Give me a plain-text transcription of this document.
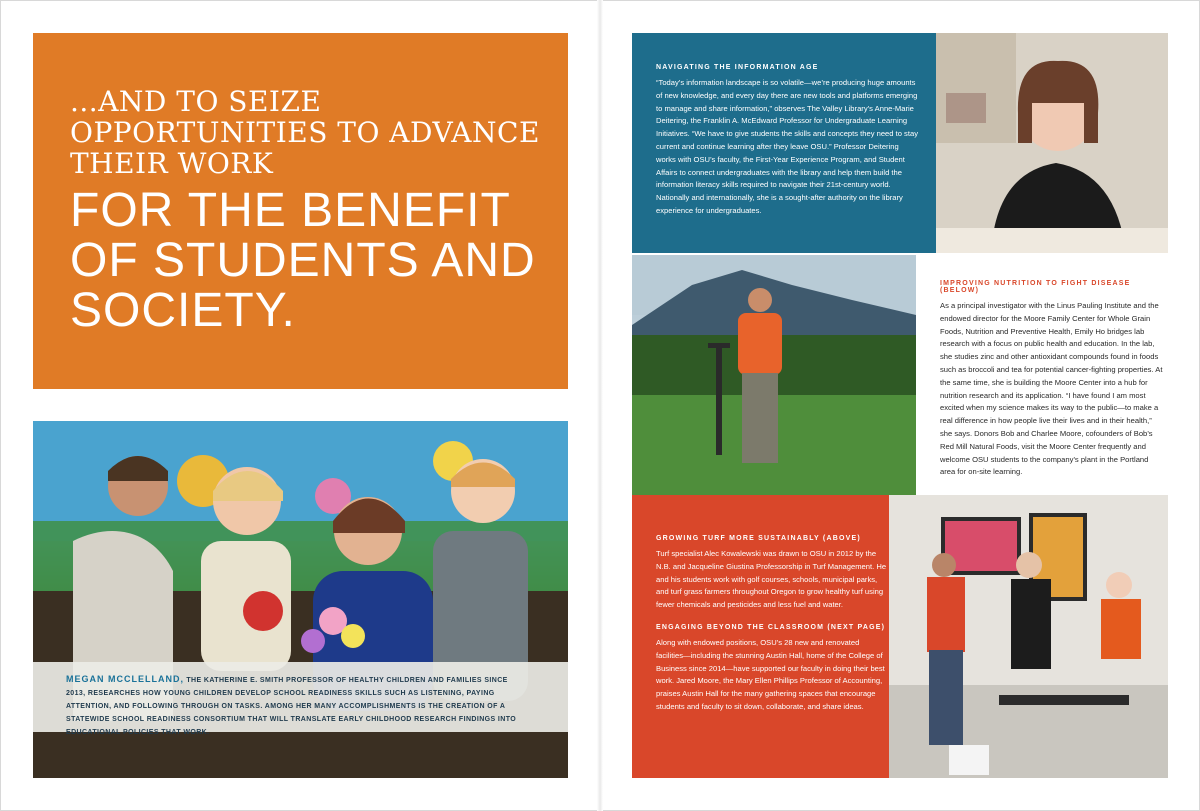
...AND TO SEIZE OPPORTUNITIES TO ADVANCE THEIR WORK
FOR THE BENEFIT OF STUDENTS AND SOCIETY.

MEGAN MCCLELLAND, THE KATHERINE E. SMITH PROFESSOR OF HEALTHY CHILDREN AND FAMILIES SINCE 2013, RESEARCHES HOW YOUNG CHILDREN DEVELOP SCHOOL READINESS SKILLS SUCH AS LISTENING, PAYING ATTENTION, AND FOLLOWING THROUGH ON TASKS. AMONG HER MANY ACCOMPLISHMENTS IS THE CREATION OF A STATEWIDE SCHOOL READINESS CONSORTIUM THAT WILL TRANSLATE EARLY CHILDHOOD RESEARCH FINDINGS INTO EDUCATIONAL POLICIES THAT WORK.

NAVIGATING THE INFORMATION AGE

“Today’s information landscape is so volatile—we’re producing huge amounts of new knowledge, and every day there are new tools and platforms emerging to manage and share information,” observes The Valley Library’s Anne-Marie Deitering, the Franklin A. McEdward Professor for Undergraduate Learning Initiatives. “We have to give students the skills and concepts they need to stay current and continue learning after they leave OSU.” Professor Deitering works with OSU’s faculty, the First-Year Experience Program, and Student Affairs to connect undergraduates with the library and help them build the information literacy skills required to navigate their 21st-century world. Nationally and internationally, she is a sought-after authority on the library experience for undergraduates.

IMPROVING NUTRITION TO FIGHT DISEASE (BELOW)

As a principal investigator with the Linus Pauling Institute and the endowed director for the Moore Family Center for Whole Grain Foods, Nutrition and Preventive Health, Emily Ho bridges lab research with a focus on public health and education. In the lab, she studies zinc and other antioxidant compounds found in foods such as broccoli and tea for potential cancer-fighting properties. At the same time, she is building the Moore Center into a hub for nutrition research and its application. “I have found I am most excited when my science makes its way to the public—to make a real difference in how people live their lives and in their health,” she says. Donors Bob and Charlee Moore, cofounders of Bob’s Red Mill Natural Foods, visit the Moore Center frequently and welcome OSU students to the company’s plant in the Portland area for on-site learning.

GROWING TURF MORE SUSTAINABLY (ABOVE)

Turf specialist Alec Kowalewski was drawn to OSU in 2012 by the N.B. and Jacqueline Giustina Professorship in Turf Management. He and his students work with golf courses, schools, municipal parks, and turf grass farmers throughout Oregon to grow healthy turf using fewer chemicals and pesticides and less fuel and water.

ENGAGING BEYOND THE CLASSROOM (NEXT PAGE)

Along with endowed positions, OSU’s 28 new and renovated facilities—including the stunning Austin Hall, home of the College of Business since 2014—have supported our faculty in doing their best work. Jared Moore, the Mary Ellen Phillips Professor of Accounting, praises Austin Hall for the many gathering spaces that encourage students and faculty to sit down, collaborate, and share ideas.
